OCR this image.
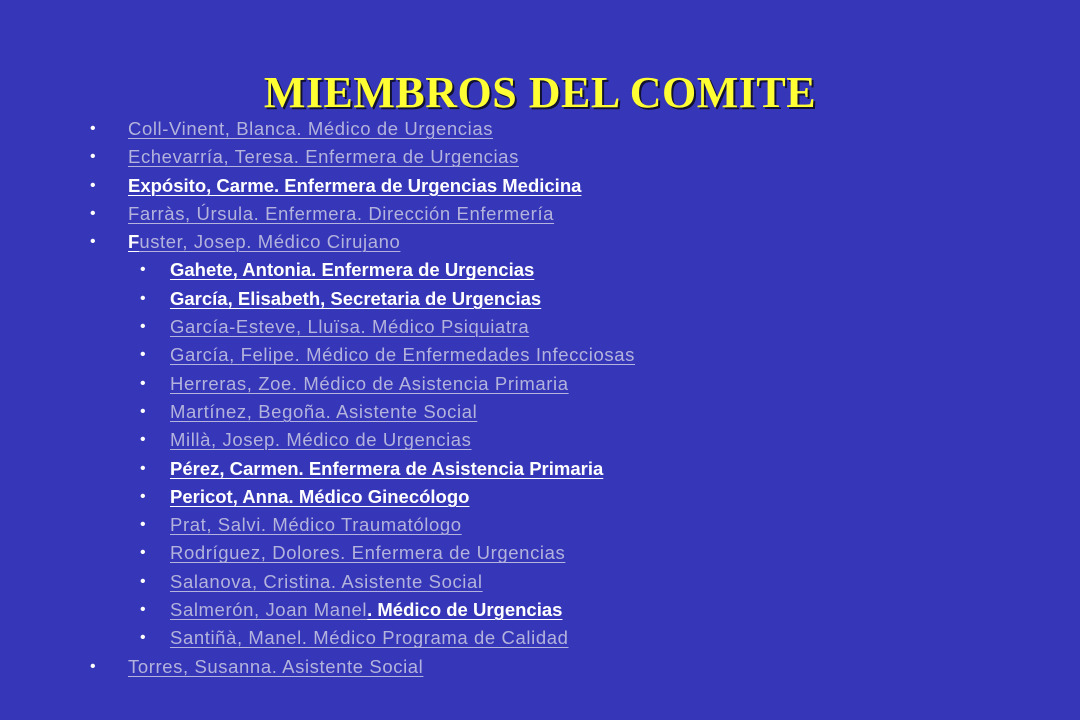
MIEMBROS DEL COMITE
• Coll-Vinent, Blanca. Médico de Urgencias
• Echevarría, Teresa. Enfermera de Urgencias
• Expósito, Carme. Enfermera de Urgencias Medicina
• Farràs, Úrsula. Enfermera. Dirección Enfermería
• Fuster, Josep. Médico Cirujano
• Gahete, Antonia. Enfermera de Urgencias
• García, Elisabeth, Secretaria de Urgencias
• García-Esteve, Lluïsa. Médico Psiquiatra
• García, Felipe. Médico de Enfermedades Infecciosas
• Herreras, Zoe. Médico de Asistencia Primaria
• Martínez, Begoña. Asistente Social
• Millà, Josep. Médico de Urgencias
• Pérez, Carmen. Enfermera de Asistencia Primaria
• Pericot, Anna. Médico Ginecólogo
• Prat, Salvi. Médico Traumatólogo
• Rodríguez, Dolores. Enfermera de Urgencias
• Salanova, Cristina. Asistente Social
• Salmerón, Joan Manel. Médico de Urgencias
• Santiñà, Manel. Médico Programa de Calidad
• Torres, Susanna. Asistente Social
